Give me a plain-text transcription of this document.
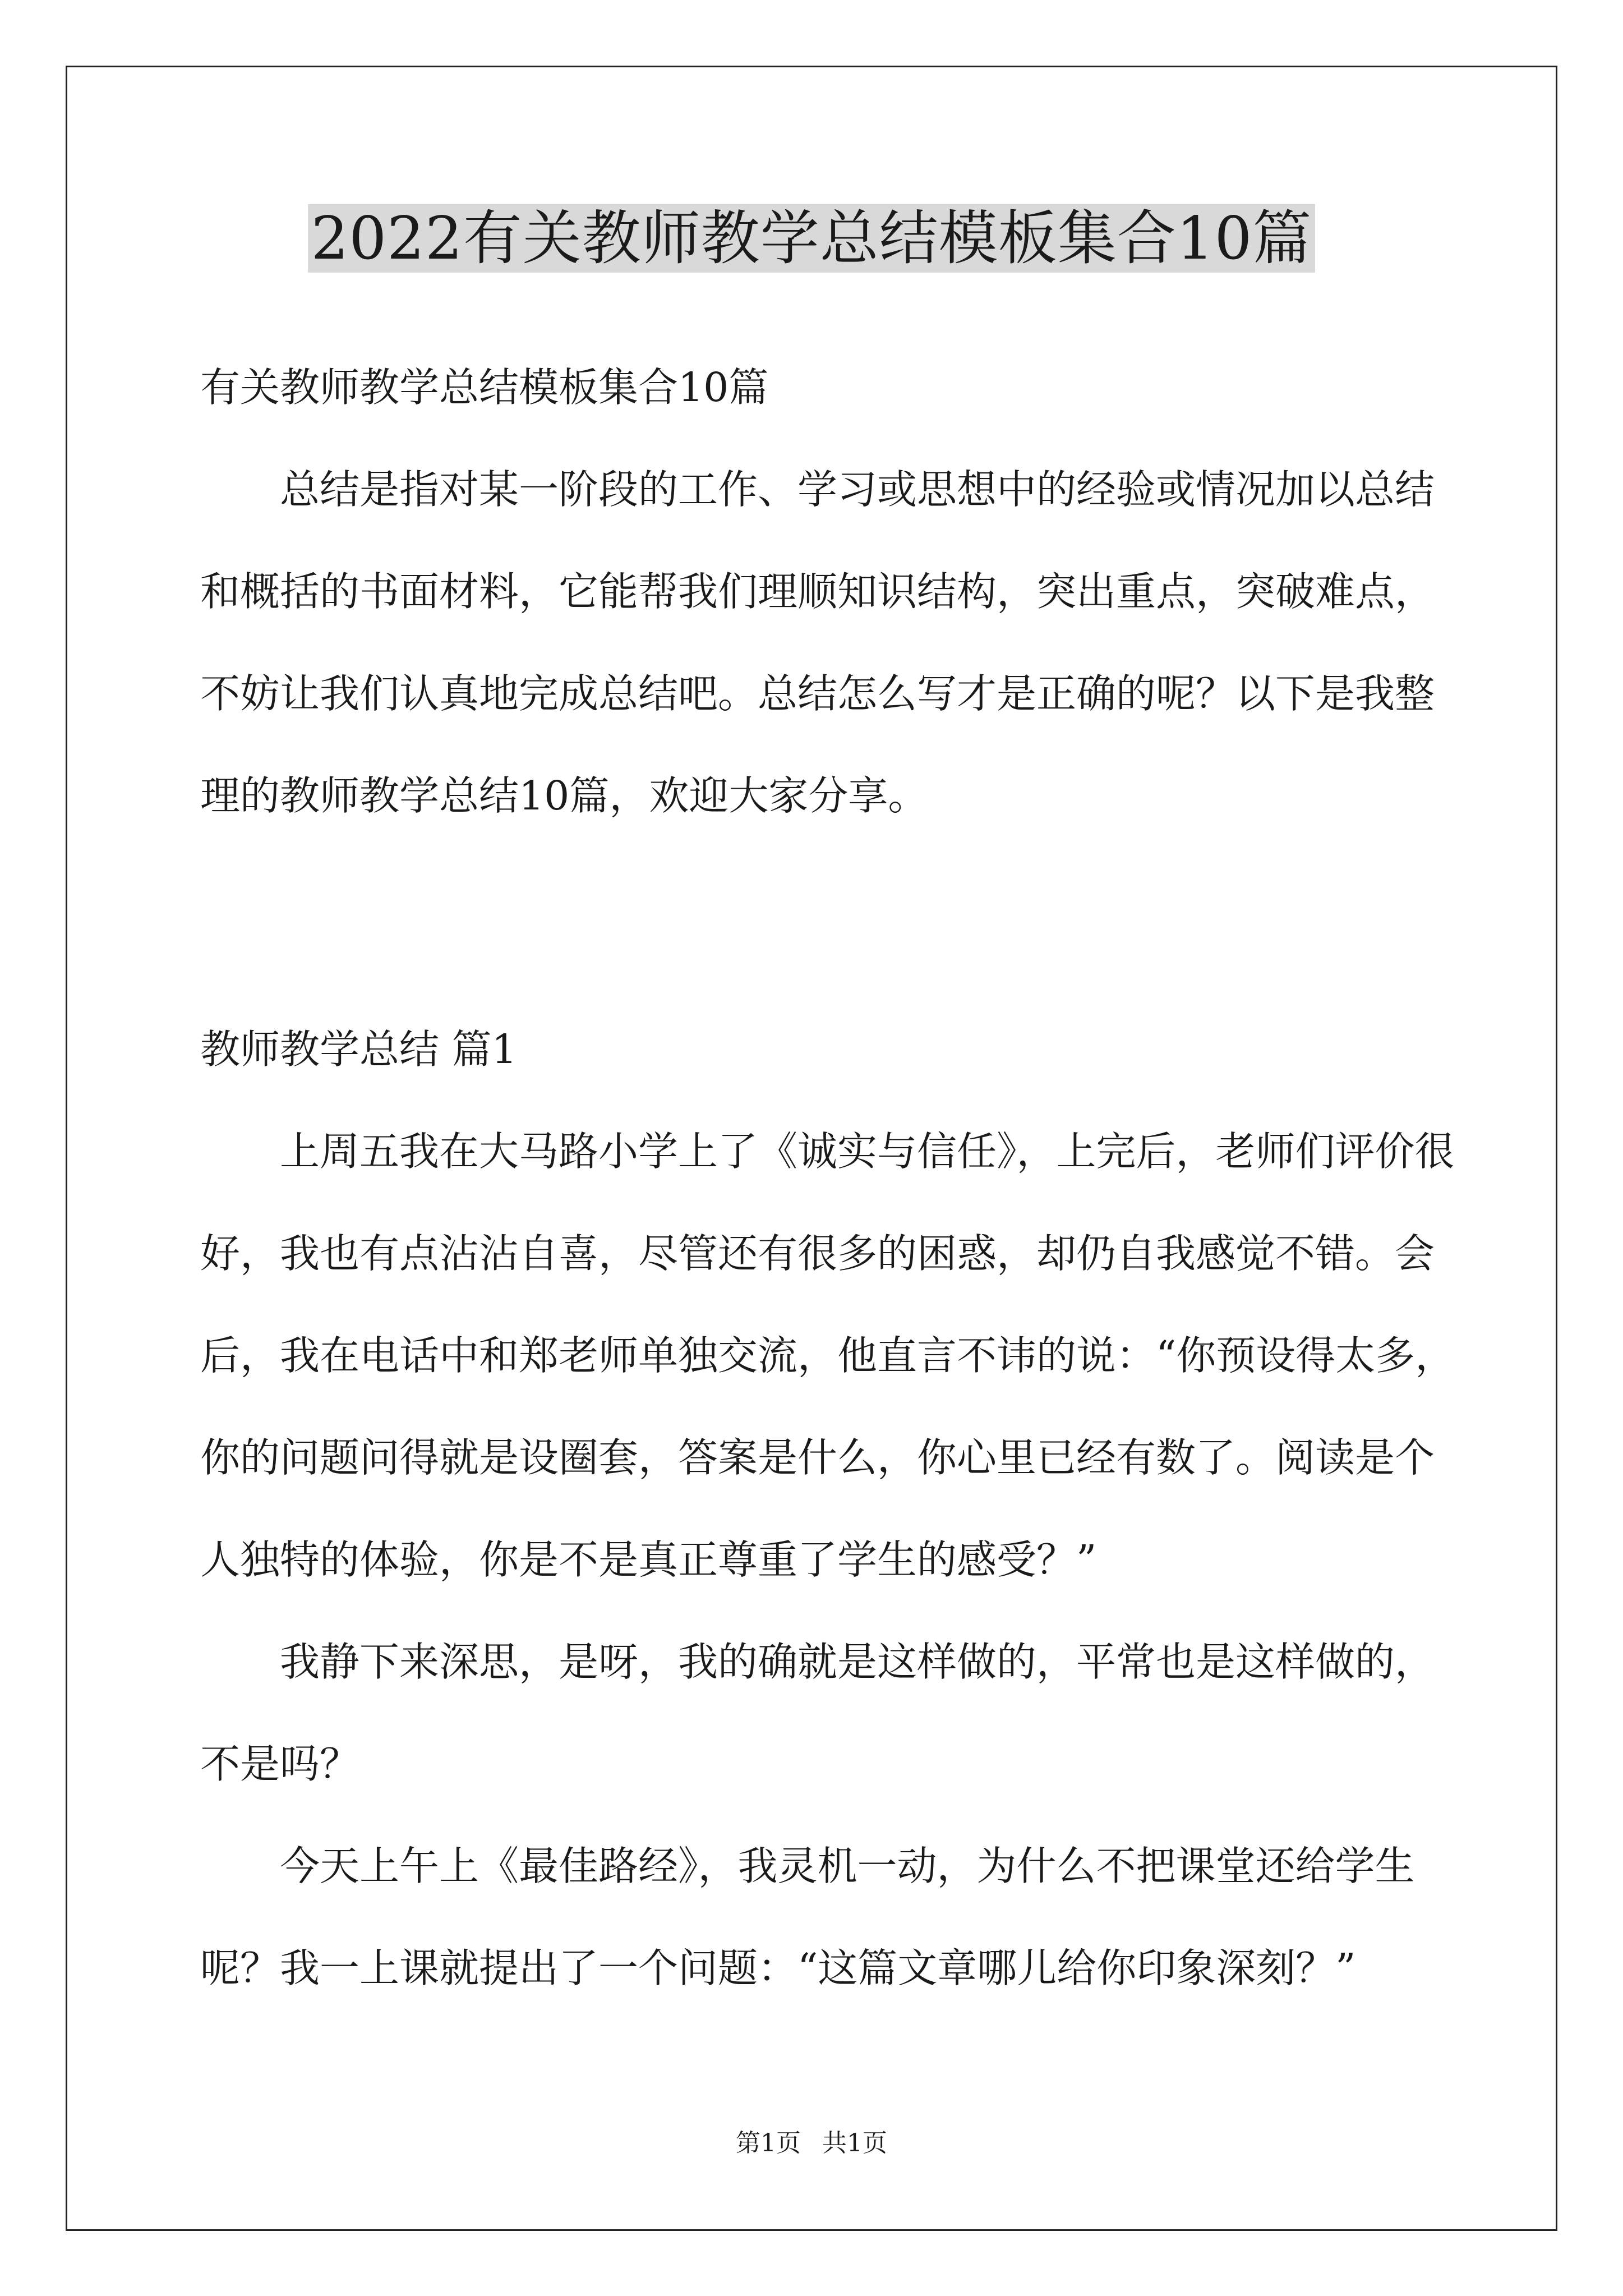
2022有关教师教学总结模板集合10篇

有关教师教学总结模板集合10篇

总结是指对某一阶段的工作、学习或思想中的经验或情况加以总结和概括的书面材料，它能帮我们理顺知识结构，突出重点，突破难点，不妨让我们认真地完成总结吧。总结怎么写才是正确的呢？以下是我整理的教师教学总结10篇，欢迎大家分享。

教师教学总结 篇1

上周五我在大马路小学上了《诚实与信任》，上完后，老师们评价很好，我也有点沾沾自喜，尽管还有很多的困惑，却仍自我感觉不错。会后，我在电话中和郑老师单独交流，他直言不讳的说：“你预设得太多，你的问题问得就是设圈套，答案是什么，你心里已经有数了。阅读是个人独特的体验，你是不是真正尊重了学生的感受？”

我静下来深思，是呀，我的确就是这样做的，平常也是这样做的，不是吗？

今天上午上《最佳路经》，我灵机一动，为什么不把课堂还给学生呢？我一上课就提出了一个问题：“这篇文章哪儿给你印象深刻？”

第1页 共1页
